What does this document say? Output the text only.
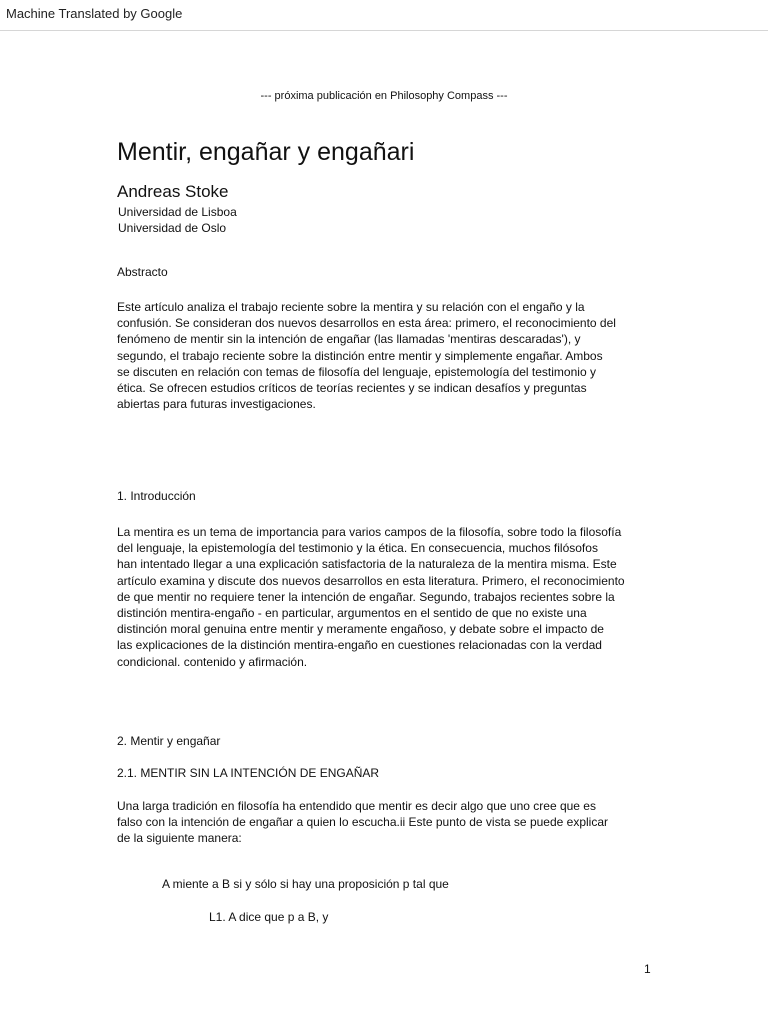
Machine Translated by Google
--- próxima publicación en Philosophy Compass ---
Mentir, engañar y engañari
Andreas Stoke
Universidad de Lisboa
Universidad de Oslo
Abstracto
Este artículo analiza el trabajo reciente sobre la mentira y su relación con el engaño y la
confusión. Se consideran dos nuevos desarrollos en esta área: primero, el reconocimiento del
fenómeno de mentir sin la intención de engañar (las llamadas 'mentiras descaradas'), y
segundo, el trabajo reciente sobre la distinción entre mentir y simplemente engañar. Ambos
se discuten en relación con temas de filosofía del lenguaje, epistemología del testimonio y
ética. Se ofrecen estudios críticos de teorías recientes y se indican desafíos y preguntas
abiertas para futuras investigaciones.
1. Introducción
La mentira es un tema de importancia para varios campos de la filosofía, sobre todo la filosofía
del lenguaje, la epistemología del testimonio y la ética. En consecuencia, muchos filósofos
han intentado llegar a una explicación satisfactoria de la naturaleza de la mentira misma. Este
artículo examina y discute dos nuevos desarrollos en esta literatura. Primero, el reconocimiento
de que mentir no requiere tener la intención de engañar. Segundo, trabajos recientes sobre la
distinción mentira-engaño - en particular, argumentos en el sentido de que no existe una
distinción moral genuina entre mentir y meramente engañoso, y debate sobre el impacto de
las explicaciones de la distinción mentira-engaño en cuestiones relacionadas con la verdad
condicional. contenido y afirmación.
2. Mentir y engañar
2.1. MENTIR SIN LA INTENCIÓN DE ENGAÑAR
Una larga tradición en filosofía ha entendido que mentir es decir algo que uno cree que es
falso con la intención de engañar a quien lo escucha.ii Este punto de vista se puede explicar
de la siguiente manera:
A miente a B si y sólo si hay una proposición p tal que
L1. A dice que p a B, y
1
